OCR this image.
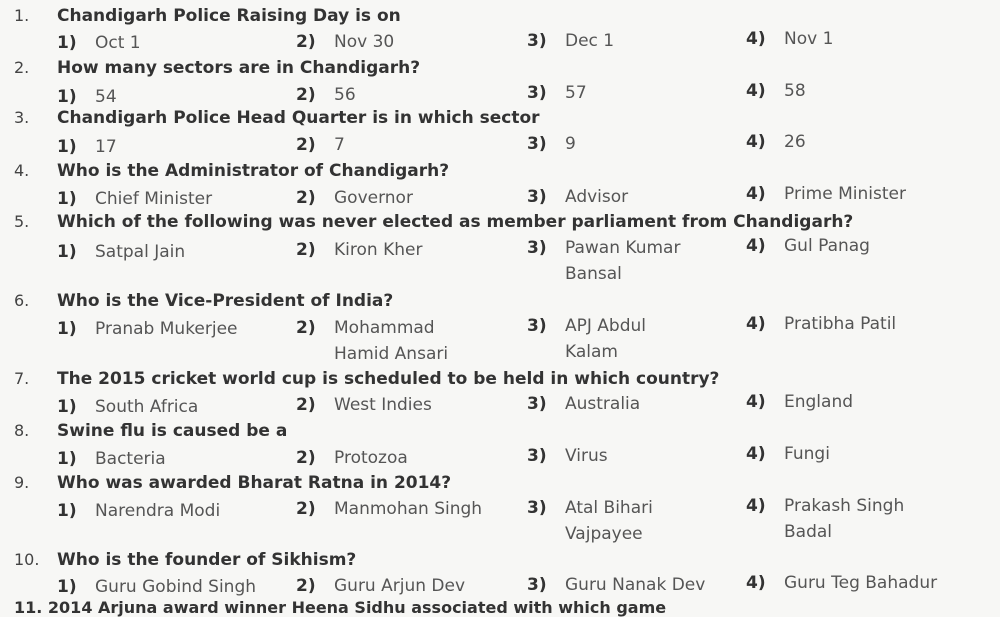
1.	Chandigarh Police Raising Day is on
1) Oct 1	2) Nov 30	3) Dec 1	4) Nov 1
2.	How many sectors are in Chandigarh?
1) 54	2) 56	3) 57	4) 58
3.	Chandigarh Police Head Quarter is in which sector
1) 17	2) 7	3) 9	4) 26
4.	Who is the Administrator of Chandigarh?
1) Chief Minister	2) Governor	3) Advisor	4) Prime Minister
5.	Which of the following was never elected as member parliament from Chandigarh?
1) Satpal Jain	2) Kiron Kher	3) Pawan Kumar
Bansal
4) Gul Panag
6.	Who is the Vice-President of India?
1) Pranab Mukerjee	2) Mohammad
Hamid Ansari
3) APJ Abdul
Kalam
4) Pratibha Patil
7.	The 2015 cricket world cup is scheduled to be held in which country?
1) South Africa	2) West Indies	3) Australia	4) England
8.	Swine flu is caused be a
1) Bacteria	2) Protozoa	3) Virus	4) Fungi
9.	Who was awarded Bharat Ratna in 2014?
1) Narendra Modi	2) Manmohan Singh	3) Atal Bihari
Vajpayee
4) Prakash Singh
Badal
10.	Who is the founder of Sikhism?
1) Guru Gobind Singh 2) Guru Arjun Dev	3) Guru Nanak Dev 4) Guru Teg Bahadur
11. 2014 Arjuna award winner Heena Sidhu associated with which game
